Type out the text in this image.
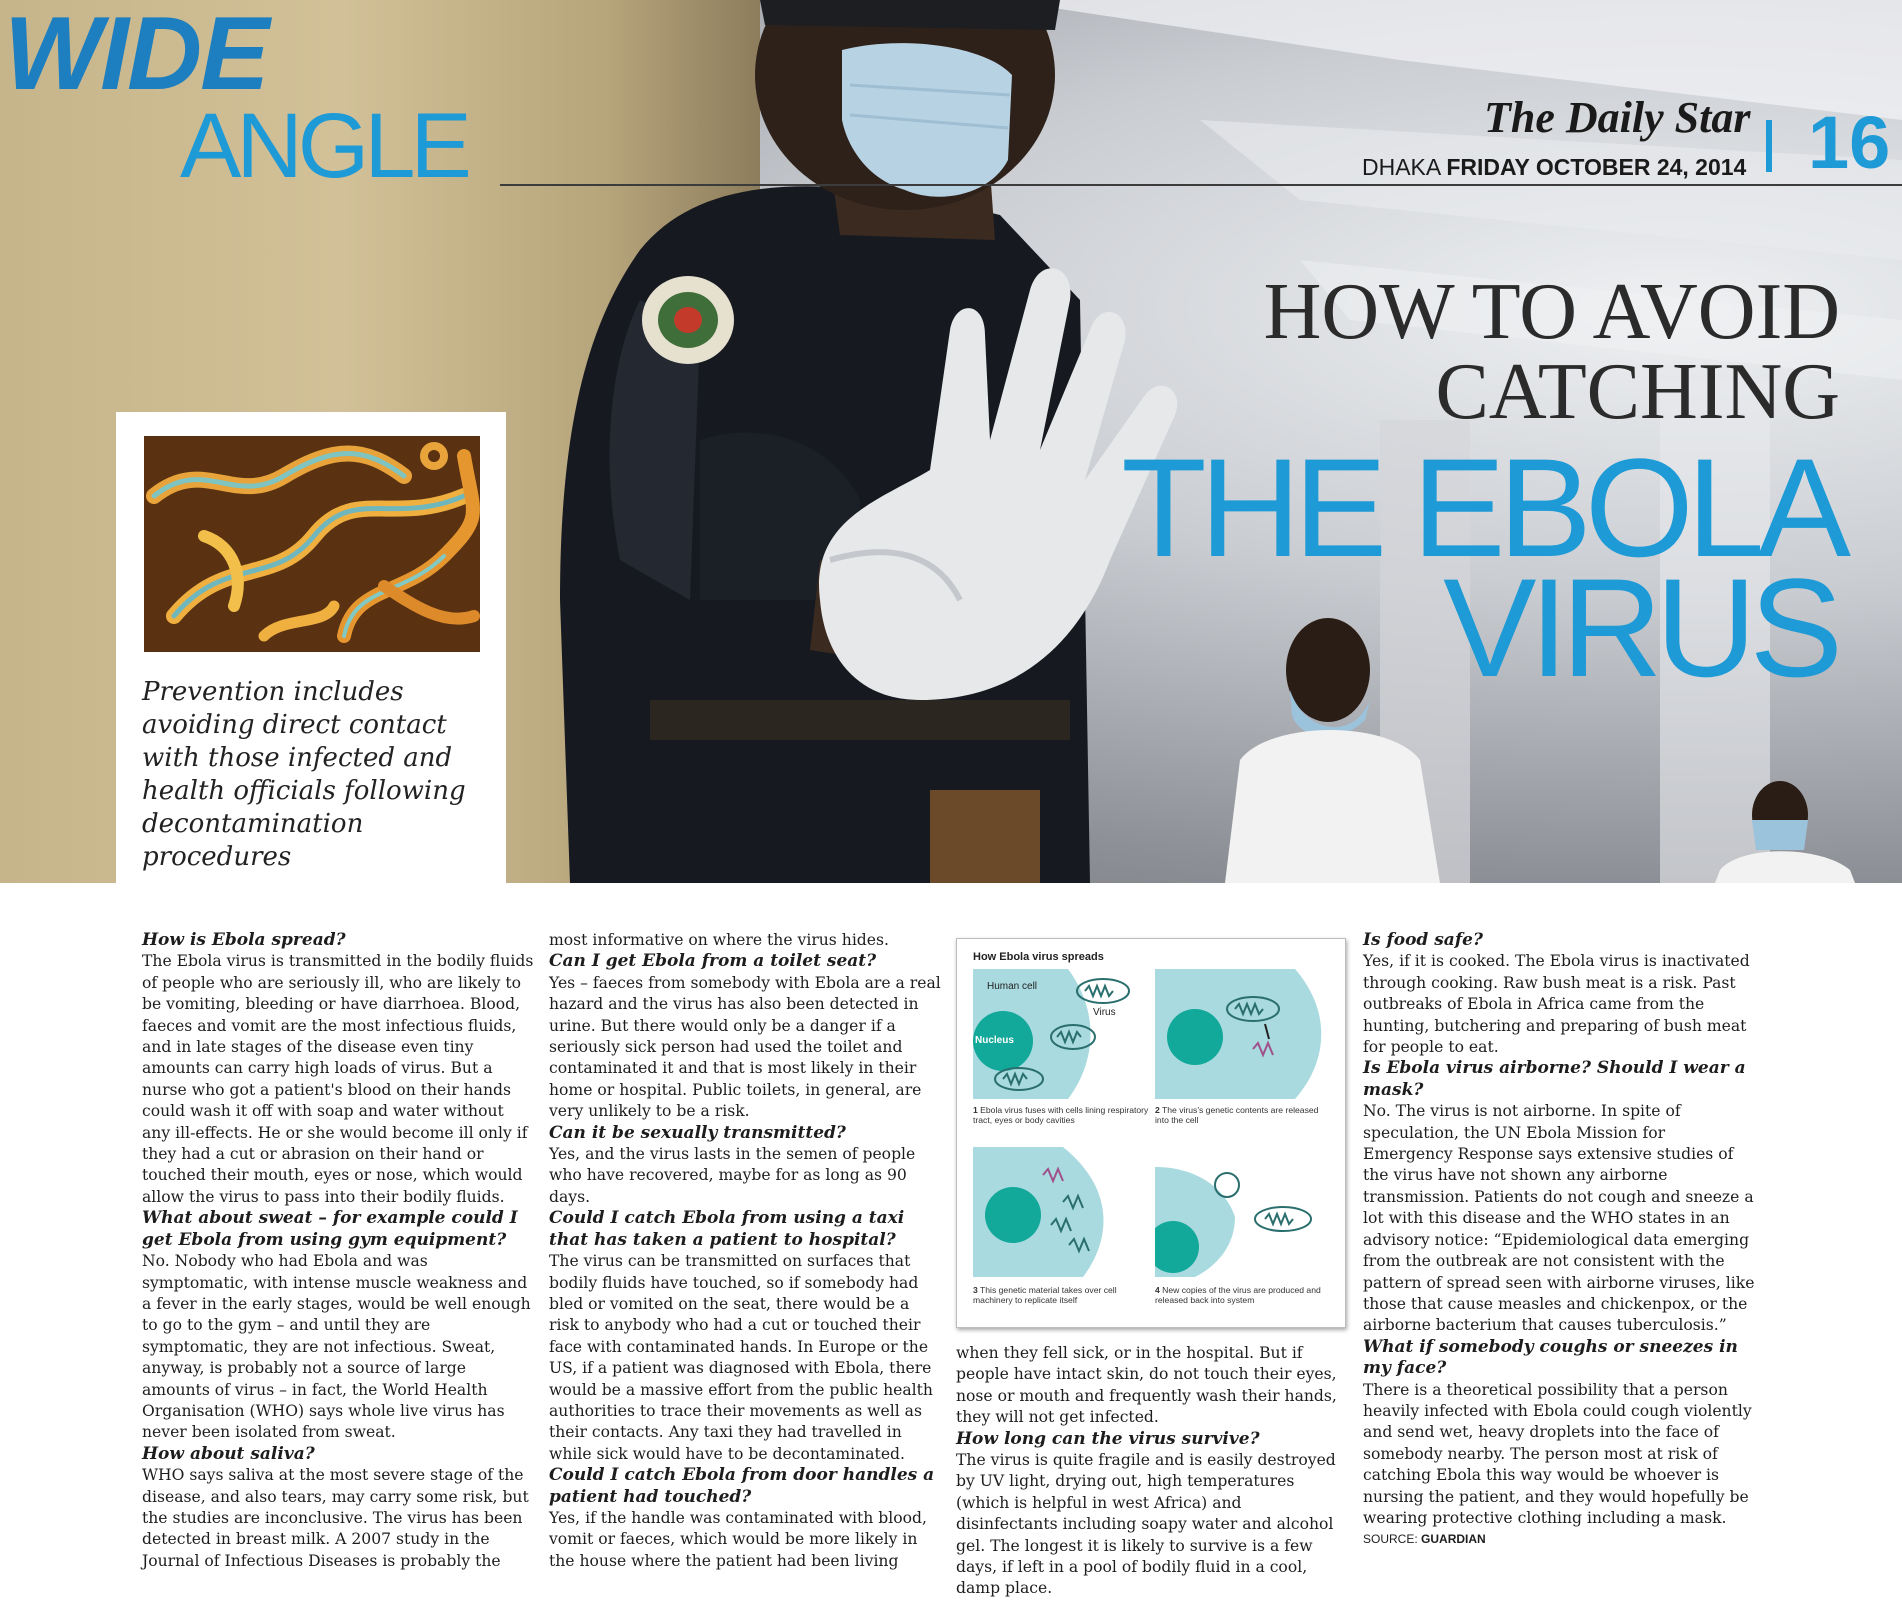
WIDE
ANGLE	The Daily Star
DHAKA FRIDAY OCTOBER 24, 2014 16
HOW TO AVOID
CATCHING
THE EBOLA
VIRUS
Prevention includes avoiding direct contact with those infected and health officials following decontamination procedures

How is Ebola spread?

The Ebola virus is transmitted in the bodily fluids of people who are seriously ill, who are likely to be vomiting, bleeding or have diarrhoea. Blood, faeces and vomit are the most infectious fluids, and in late stages of the disease even tiny amounts can carry high loads of virus. But a nurse who got a patient's blood on their hands could wash it off with soap and water without any ill-effects. He or she would become ill only if they had a cut or abrasion on their hand or touched their mouth, eyes or nose, which would allow the virus to pass into their bodily fluids.

What about sweat – for example could I get Ebola from using gym equipment?

No. Nobody who had Ebola and was symptomatic, with intense muscle weakness and a fever in the early stages, would be well enough to go to the gym – and until they are symptomatic, they are not infectious. Sweat, anyway, is probably not a source of large amounts of virus – in fact, the World Health Organisation (WHO) says whole live virus has never been isolated from sweat.

How about saliva?

WHO says saliva at the most severe stage of the disease, and also tears, may carry some risk, but the studies are inconclusive. The virus has been detected in breast milk. A 2007 study in the Journal of Infectious Diseases is probably the

most informative on where the virus hides.

Can I get Ebola from a toilet seat?

Yes – faeces from somebody with Ebola are a real hazard and the virus has also been detected in urine. But there would only be a danger if a seriously sick person had used the toilet and contaminated it and that is most likely in their home or hospital. Public toilets, in general, are very unlikely to be a risk.

Can it be sexually transmitted?

Yes, and the virus lasts in the semen of people who have recovered, maybe for as long as 90 days.

Could I catch Ebola from using a taxi that has taken a patient to hospital?

The virus can be transmitted on surfaces that bodily fluids have touched, so if somebody had bled or vomited on the seat, there would be a risk to anybody who had a cut or touched their face with contaminated hands. In Europe or the US, if a patient was diagnosed with Ebola, there would be a massive effort from the public health authorities to trace their movements as well as their contacts. Any taxi they had travelled in while sick would have to be decontaminated.

Could I catch Ebola from door handles a patient had touched?

Yes, if the handle was contaminated with blood, vomit or faeces, which would be more likely in the house where the patient had been living

How Ebola virus spreads
Human cell
Virus
Nucleus
1 Ebola virus fuses with cells lining respiratory tract, eyes or body cavities
2 The virus's genetic contents are released into the cell
3 This genetic material takes over cell machinery to replicate itself
4 New copies of the virus are produced and released back into system

when they fell sick, or in the hospital. But if people have intact skin, do not touch their eyes, nose or mouth and frequently wash their hands, they will not get infected.

How long can the virus survive?

The virus is quite fragile and is easily destroyed by UV light, drying out, high temperatures (which is helpful in west Africa) and disinfectants including soapy water and alcohol gel. The longest it is likely to survive is a few days, if left in a pool of bodily fluid in a cool, damp place.

Is food safe?

Yes, if it is cooked. The Ebola virus is inactivated through cooking. Raw bush meat is a risk. Past outbreaks of Ebola in Africa came from the hunting, butchering and preparing of bush meat for people to eat.

Is Ebola virus airborne? Should I wear a mask?

No. The virus is not airborne. In spite of speculation, the UN Ebola Mission for Emergency Response says extensive studies of the virus have not shown any airborne transmission. Patients do not cough and sneeze a lot with this disease and the WHO states in an advisory notice: “Epidemiological data emerging from the outbreak are not consistent with the pattern of spread seen with airborne viruses, like those that cause measles and chickenpox, or the airborne bacterium that causes tuberculosis.”

What if somebody coughs or sneezes in my face?

There is a theoretical possibility that a person heavily infected with Ebola could cough violently and send wet, heavy droplets into the face of somebody nearby. The person most at risk of catching Ebola this way would be whoever is nursing the patient, and they would hopefully be wearing protective clothing including a mask.

SOURCE: GUARDIAN
